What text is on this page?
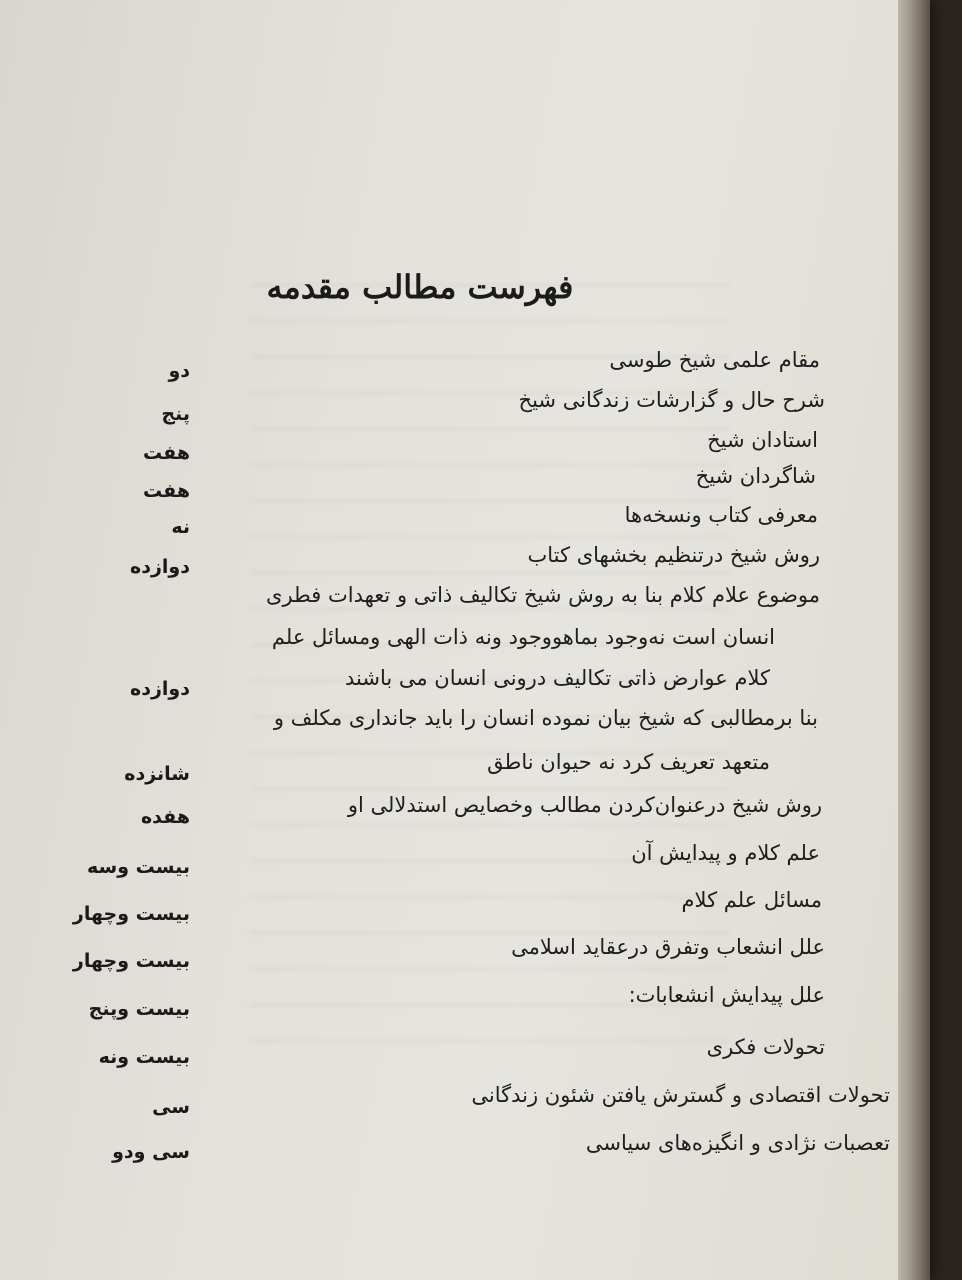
فهرست مطالب مقدمه
مقام علمی شیخ طوسی
دو
شرح حال و گزارشات زندگانی شیخ
پنج
استادان شیخ
هفت
شاگردان شیخ
هفت
معرفی کتاب ونسخه‌ها
نه
روش شیخ درتنظیم بخشهای کتاب
دوازده
موضوع علام کلام بنا به روش شیخ تکالیف ذاتی و تعهدات فطری
انسان است نه‌وجود بماهووجود ونه ذات الهی ومسائل علم
کلام عوارض ذاتی تکالیف درونی انسان می باشند
دوازده
بنا برمطالبی که شیخ بیان نموده انسان را باید جانداری مکلف و
متعهد تعریف کرد نه حیوان ناطق
شانزده
روش شیخ درعنوان‌کردن مطالب وخصایص استدلالی او
هفده
علم کلام و پیدایش آن
بیست وسه
مسائل علم کلام
بیست وچهار
علل انشعاب وتفرق درعقاید اسلامی
بیست وچهار
علل پیدایش انشعابات:
بیست وپنج
تحولات فکری
بیست ونه
تحولات اقتصادی و گسترش یافتن شئون زندگانی
سی
تعصبات نژادی و انگیزه‌های سیاسی
سی ودو
